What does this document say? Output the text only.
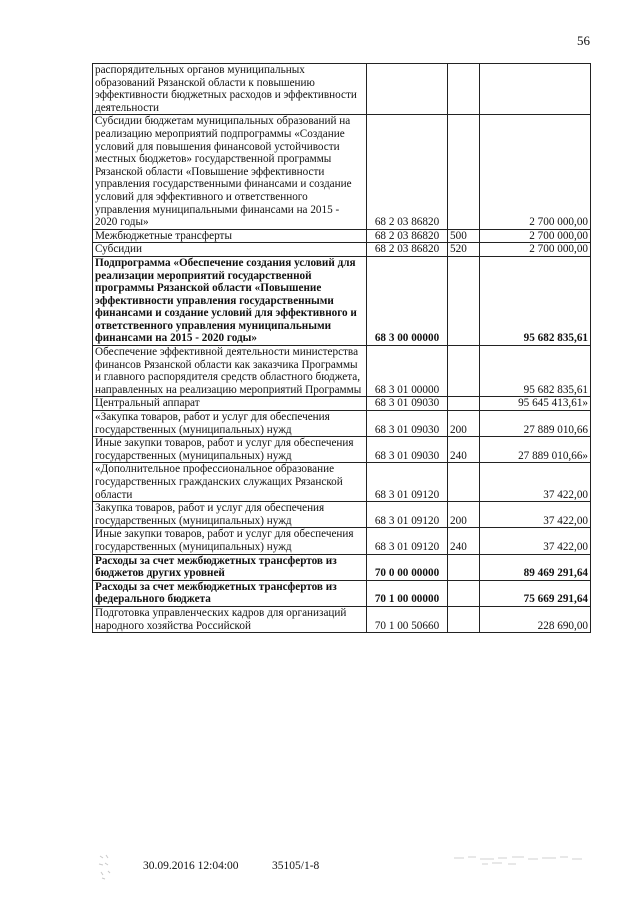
56
распорядительных органов муниципальных образований Рязанской области к повышению эффективности бюджетных расходов и эффективности деятельности			
Субсидии бюджетам муниципальных образований на реализацию мероприятий подпрограммы «Создание условий для повышения финансовой устойчивости местных бюджетов» государственной программы Рязанской области «Повышение эффективности управления государственными финансами и создание условий для эффективного и ответственного управления муниципальными финансами на 2015 - 2020 годы»	68 2 03 86820		2 700 000,00
Межбюджетные трансферты	68 2 03 86820	500	2 700 000,00
Субсидии	68 2 03 86820	520	2 700 000,00
Подпрограмма «Обеспечение создания условий для реализации мероприятий государственной программы Рязанской области «Повышение эффективности управления государственными финансами и создание условий для эффективного и ответственного управления муниципальными финансами на 2015 - 2020 годы»	68 3 00 00000		95 682 835,61
Обеспечение эффективной деятельности министерства финансов Рязанской области как заказчика Программы и главного распорядителя средств областного бюджета, направленных на реализацию мероприятий Программы	68 3 01 00000		95 682 835,61
Центральный аппарат	68 3 01 09030		95 645 413,61»
«Закупка товаров, работ и услуг для обеспечения государственных (муниципальных) нужд	68 3 01 09030	200	27 889 010,66
Иные закупки товаров, работ и услуг для обеспечения государственных (муниципальных) нужд	68 3 01 09030	240	27 889 010,66»
«Дополнительное профессиональное образование государственных гражданских служащих Рязанской области	68 3 01 09120		37 422,00
Закупка товаров, работ и услуг для обеспечения государственных (муниципальных) нужд	68 3 01 09120	200	37 422,00
Иные закупки товаров, работ и услуг для обеспечения государственных (муниципальных) нужд	68 3 01 09120	240	37 422,00
Расходы за счет межбюджетных трансфертов из бюджетов других уровней	70 0 00 00000		89 469 291,64
Расходы за счет межбюджетных трансфертов из федерального бюджета	70 1 00 00000		75 669 291,64
Подготовка управленческих кадров для организаций народного хозяйства Российской	70 1 00 50660		228 690,00
30.09.2016 12:04:00	35105/1-8
